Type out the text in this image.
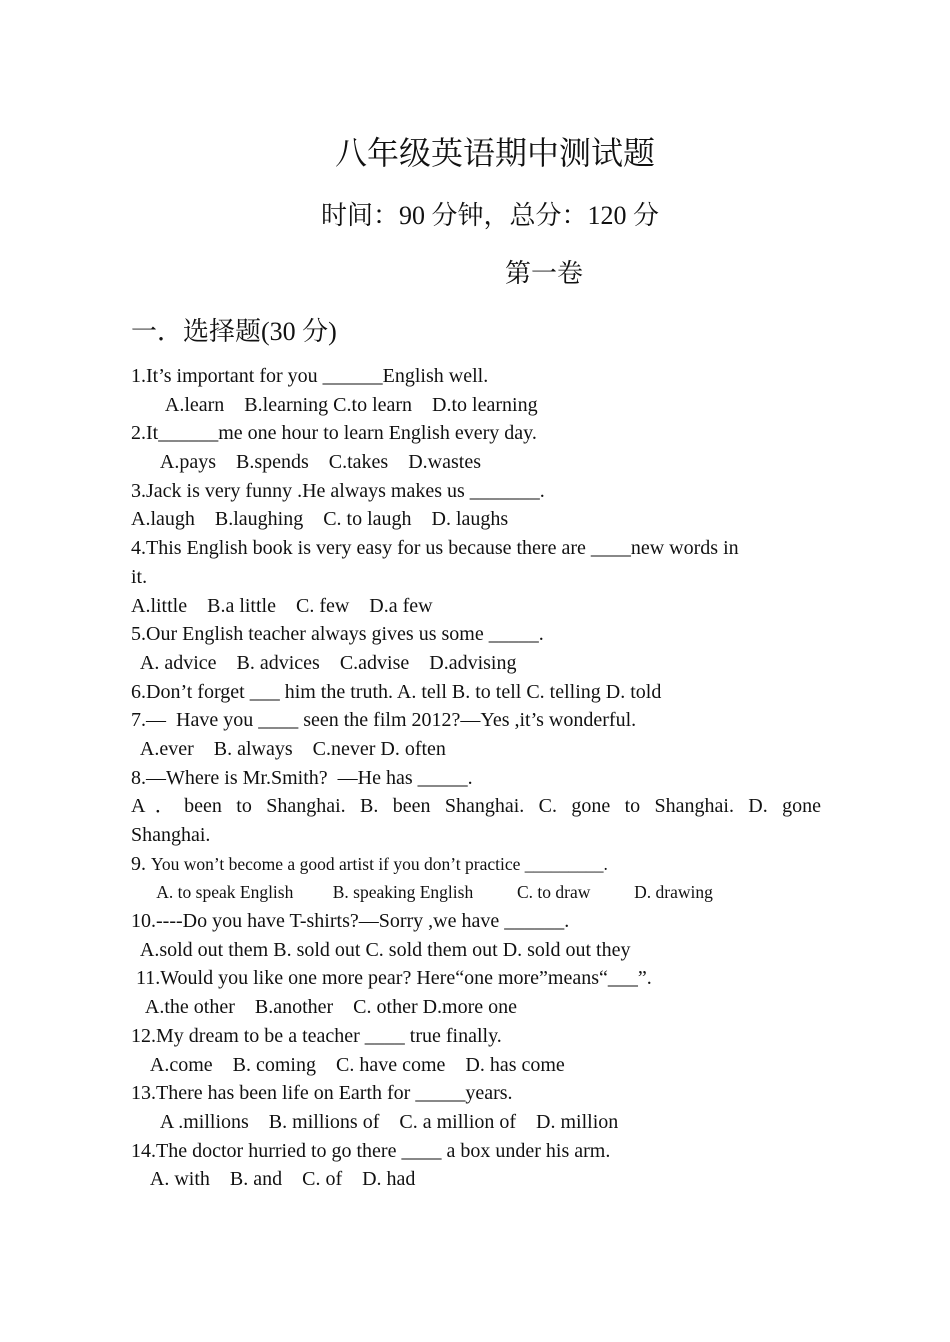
八年级英语期中测试题
时间：90 分钟，总分：120 分
第一卷
一．选择题(30 分)
1.It’s important for you ______English well.
A.learn    B.learning C.to learn    D.to learning
2.It______me one hour to learn English every day.
A.pays    B.spends    C.takes    D.wastes
3.Jack is very funny .He always makes us _______.
A.laugh    B.laughing    C. to laugh    D. laughs
4.This English book is very easy for us because there are ____new words in
it.
A.little    B.a little    C. few    D.a few
5.Our English teacher always gives us some _____.
A. advice    B. advices    C.advise    D.advising
6.Don’t forget ___ him the truth. A. tell B. to tell C. telling D. told
7.—  Have you ____ seen the film 2012?—Yes ,it’s wonderful.
A.ever    B. always    C.never D. often
8.—Where is Mr.Smith?  —He has _____.
A．been to Shanghai. B. been Shanghai. C. gone to Shanghai. D. gone
Shanghai.
9. You won’t become a good artist if you don’t practice _________.
A. to speak English         B. speaking English          C. to draw          D. drawing
10.----Do you have T-shirts?—Sorry ,we have ______.
A.sold out them B. sold out C. sold them out D. sold out they
11.Would you like one more pear? Here“one more”means“___”.
A.the other    B.another    C. other D.more one
12.My dream to be a teacher ____ true finally.
A.come    B. coming    C. have come    D. has come
13.There has been life on Earth for _____years.
A .millions    B. millions of    C. a million of    D. million
14.The doctor hurried to go there ____ a box under his arm.
A. with    B. and    C. of    D. had
